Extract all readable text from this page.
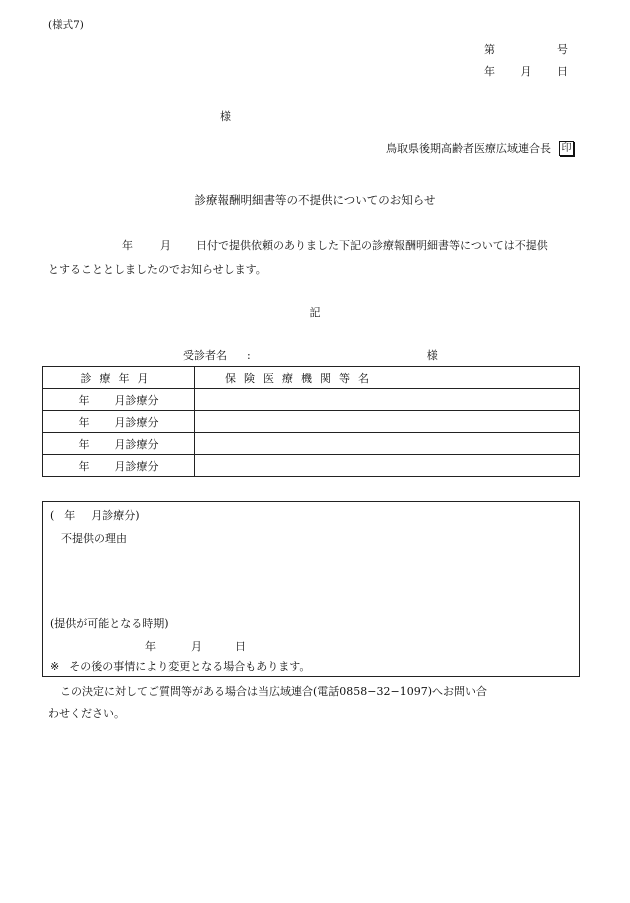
(様式7)
第	号
年 月 日
様
鳥取県後期高齢者医療広域連合長 印
診療報酬明細書等の不提供についてのお知らせ
年	月	日付で提供依頼のありました下記の診療報酬明細書等については不提供
とすることとしましたのでお知らせします。
記
受診者名 :	様
診療年月	保険医療機関等名
年 月診療分	
年 月診療分	
年 月診療分	
年 月診療分	
( 年 月診療分)
不提供の理由
(提供が可能となる時期)
年	月	日
※ その後の事情により変更となる場合もあります。
この決定に対してご質問等がある場合は当広域連合(電話0858−32−1097)へお問い合
わせください。
